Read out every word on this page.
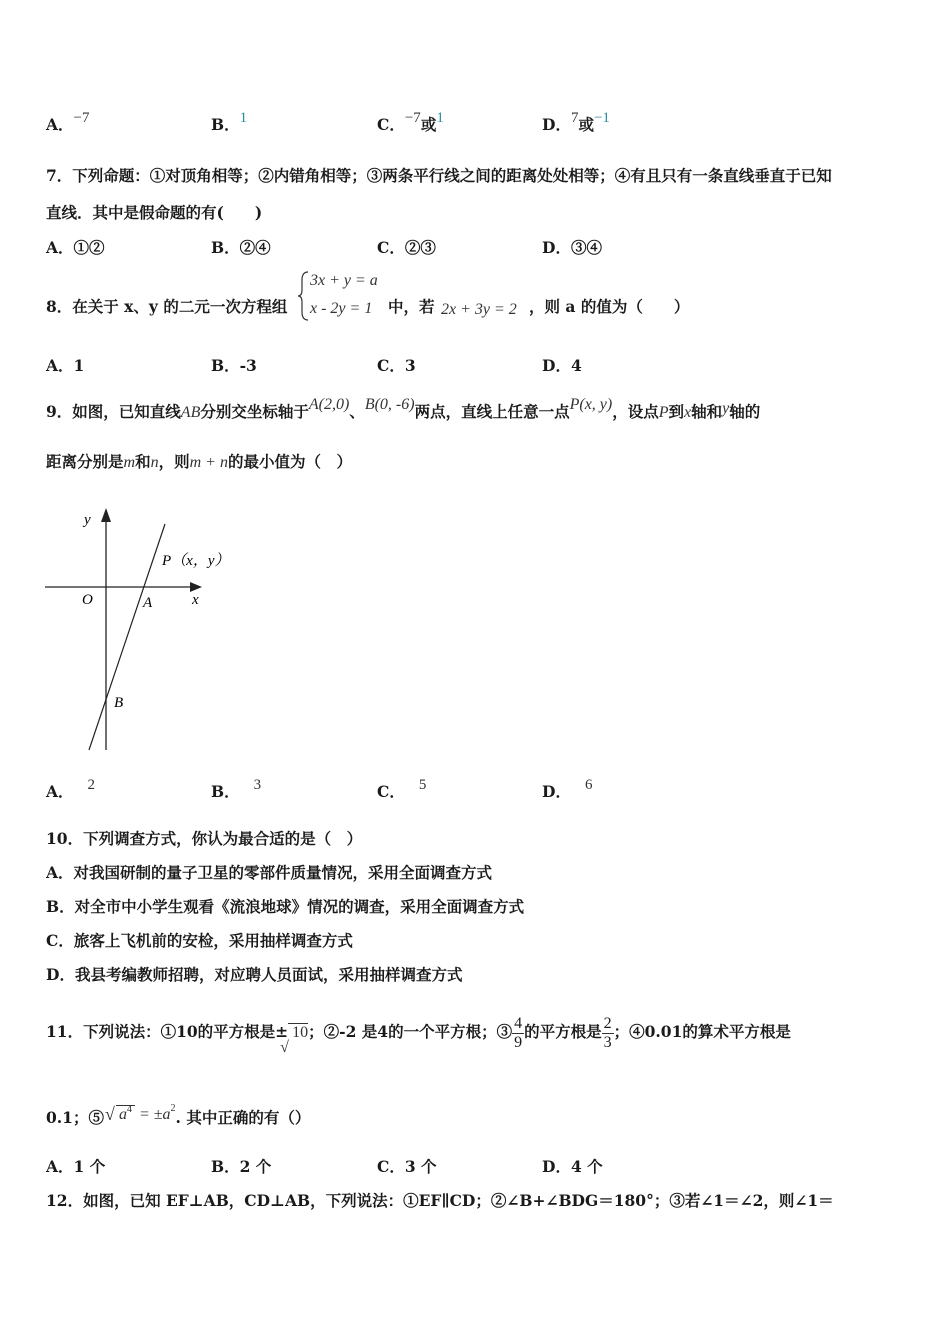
A．−7	B．1	C．−7或1	D．7或−1
7．下列命题：①对顶角相等；②内错角相等；③两条平行线之间的距离处处相等；④有且只有一条直线垂直于已知
直线．其中是假命题的有(　　)
A．①②	B．②④	C．②③	D．③④
8．在关于 x、y 的二元一次方程组
3x + y = a
x - 2y = 1 中，若 2x + 3y = 2 ，则 a 的值为（　　）
A．1	B．-3	C．3	D．4
9．如图，已知直线AB分别交坐标轴于A(2,0)、B(0, -6)两点，直线上任意一点P(x, y)，设点P到x轴和y轴的
距离分别是m和n，则m + n的最小值为（　）
y
x
O	A
B
P（x，y）
A． 2	B． 3	C． 5	D． 6
10．下列调查方式，你认为最合适的是（　）
A．对我国研制的量子卫星的零部件质量情况，采用全面调查方式
B．对全市中小学生观看《流浪地球》情况的调查，采用全面调查方式
C．旅客上飞机前的安检，采用抽样调查方式
D．我县考编教师招聘，对应聘人员面试，采用抽样调查方式
11．下列说法：①10的平方根是±
√
10；②-2 是4的一个平方根；③ $\frac{4}{9}$ 的平方根是 $\frac{2}{3}$ ；④0.01的算术平方根是
0.1；⑤ √ $a^4 = \pm a^2$. 其中正确的有（）
A．1 个	B．2 个	C．3 个	D．4 个
12．如图，已知 EF⊥AB，CD⊥AB，下列说法：①EF∥CD；②∠B+∠BDG＝180°；③若∠1＝∠2，则∠1＝
